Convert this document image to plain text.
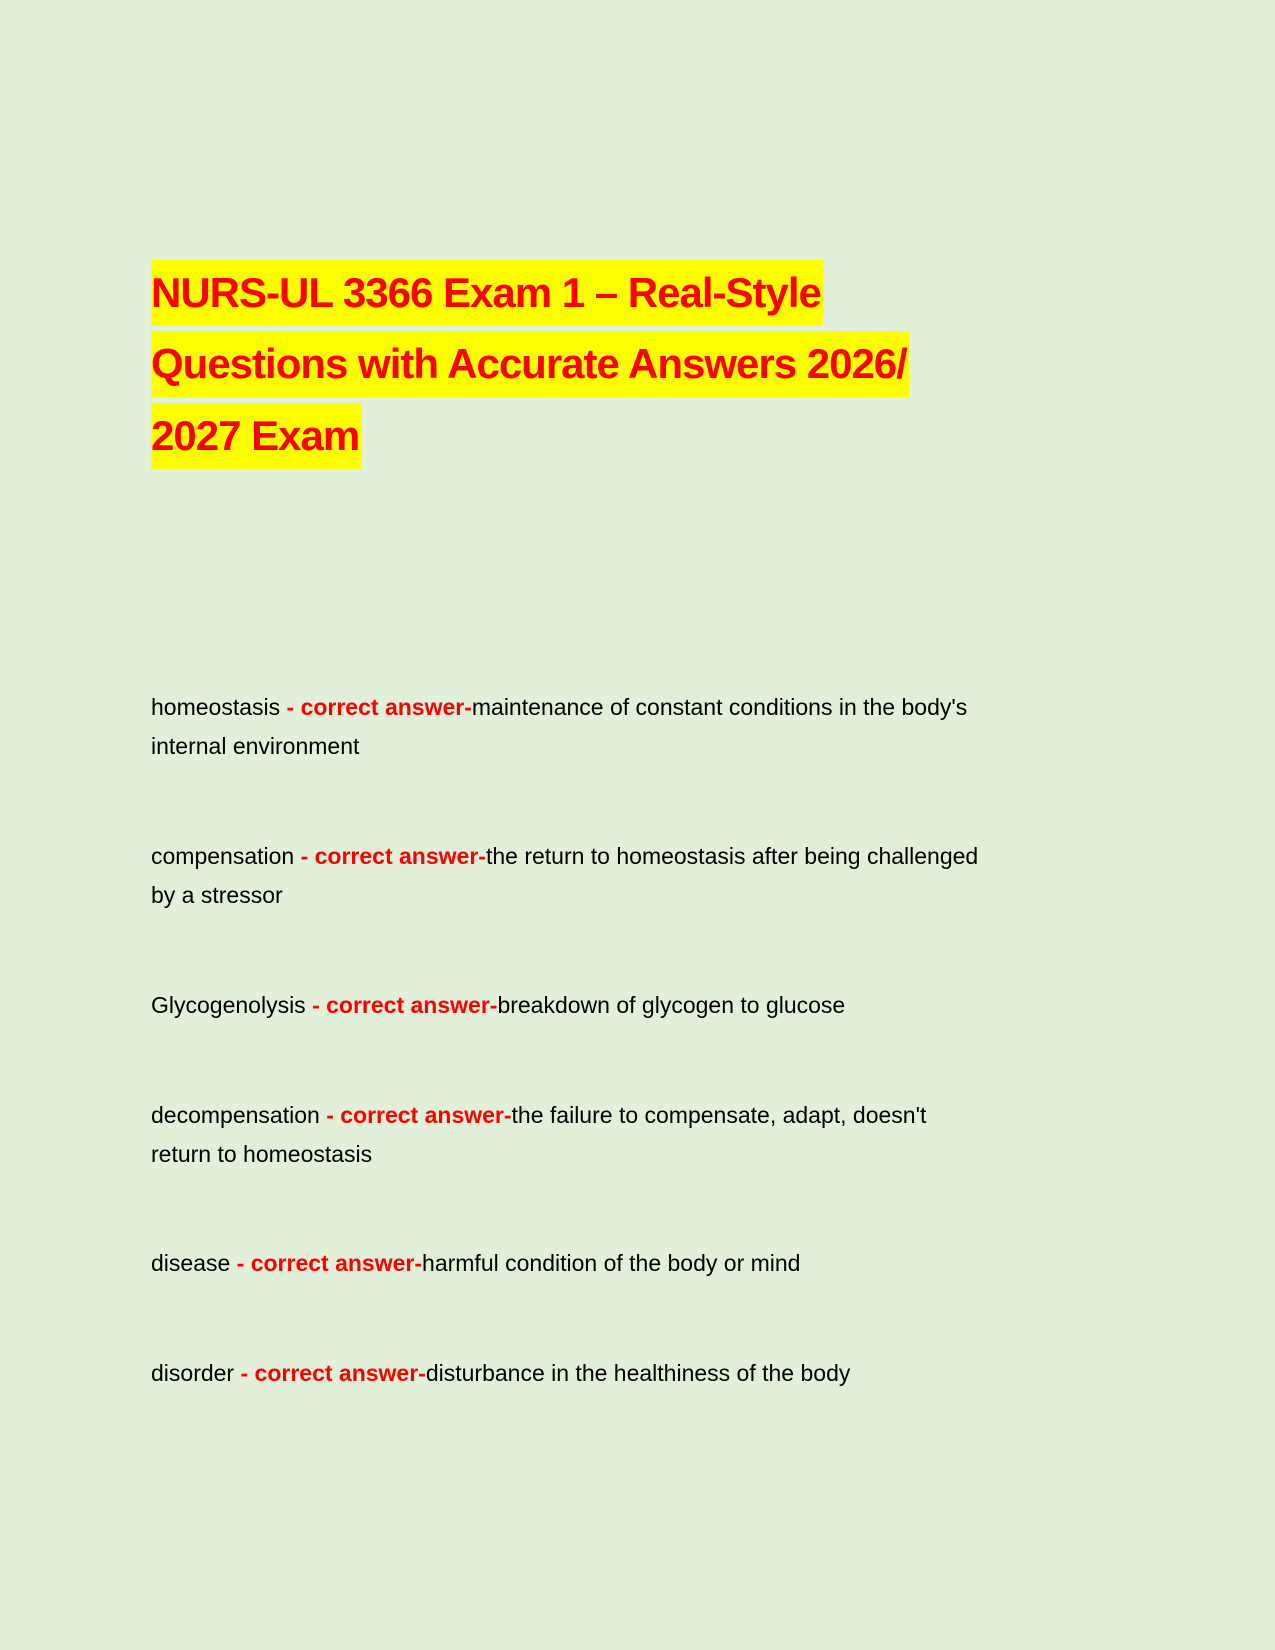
NURS-UL 3366 Exam 1 – Real-Style
Questions with Accurate Answers 2026/
2027 Exam
homeostasis - correct answer-maintenance of constant conditions in the body's
internal environment
compensation - correct answer-the return to homeostasis after being challenged
by a stressor
Glycogenolysis - correct answer-breakdown of glycogen to glucose
decompensation - correct answer-the failure to compensate, adapt, doesn't
return to homeostasis
disease - correct answer-harmful condition of the body or mind
disorder - correct answer-disturbance in the healthiness of the body
